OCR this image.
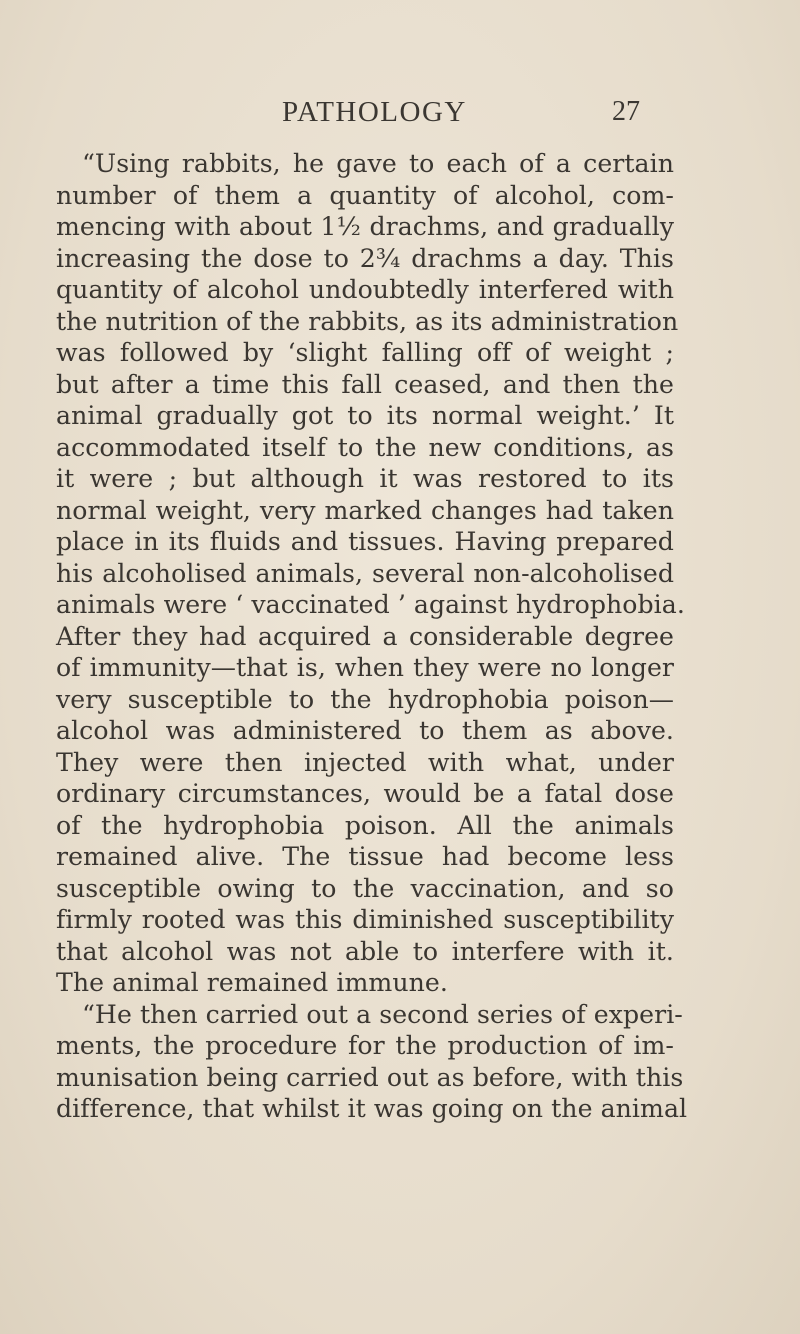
PATHOLOGY	27
“Using rabbits, he gave to each of a certain
number of them a quantity of alcohol, com-
mencing with about 1½ drachms, and gradually
increasing the dose to 2¾ drachms a day. This
quantity of alcohol undoubtedly interfered with
the nutrition of the rabbits, as its administration
was followed by ‘slight falling off of weight ;
but after a time this fall ceased, and then the
animal gradually got to its normal weight.’ It
accommodated itself to the new conditions, as
it were ; but although it was restored to its
normal weight, very marked changes had taken
place in its fluids and tissues. Having prepared
his alcoholised animals, several non-alcoholised
animals were ‘ vaccinated ’ against hydrophobia.
After they had acquired a considerable degree
of immunity—that is, when they were no longer
very susceptible to the hydrophobia poison—
alcohol was administered to them as above.
They were then injected with what, under
ordinary circumstances, would be a fatal dose
of the hydrophobia poison. All the animals
remained alive. The tissue had become less
susceptible owing to the vaccination, and so
firmly rooted was this diminished susceptibility
that alcohol was not able to interfere with it.
The animal remained immune.
“He then carried out a second series of experi-
ments, the procedure for the production of im-
munisation being carried out as before, with this
difference, that whilst it was going on the animal
